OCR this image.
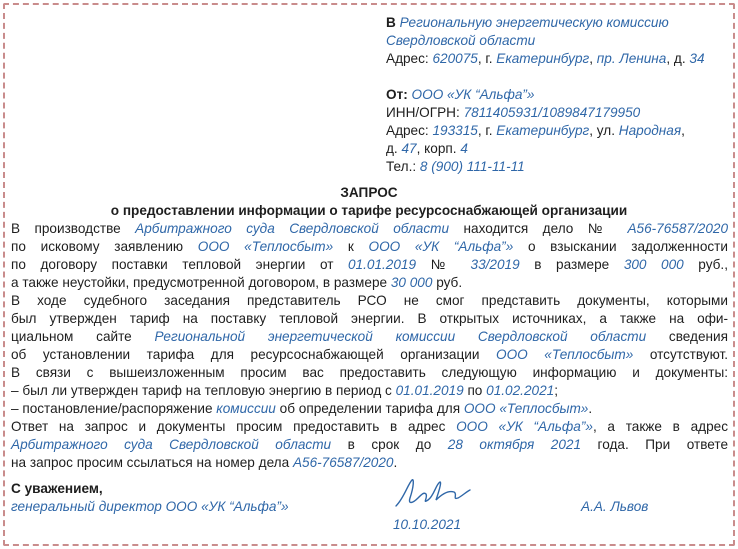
В Региональную энергетическую комиссию
Свердловской области
Адрес: 620075, г. Екатеринбург, пр. Ленина, д. 34
От: ООО «УК “Альфа”»
ИНН/ОГРН: 7811405931/1089847179950
Адрес: 193315, г. Екатеринбург, ул. Народная,
д. 47, корп. 4
Тел.: 8 (900) 111-11-11
ЗАПРОС
о предоставлении информации о тарифе ресурсоснабжающей организации
В производстве Арбитражного суда Свердловской области находится дело № А56-76587/2020
по исковому заявлению ООО «Теплосбыт» к ООО «УК “Альфа”» о взыскании задолженности
по договору поставки тепловой энергии от 01.01.2019 № 33/2019 в размере 300 000 руб.,
а также неустойки, предусмотренной договором, в размере 30 000 руб.
В ходе судебного заседания представитель РСО не смог представить документы, которыми
был утвержден тариф на поставку тепловой энергии. В открытых источниках, а также на офи-
циальном сайте Региональной энергетической комиссии Свердловской области сведения
об установлении тарифа для ресурсоснабжающей организации ООО «Теплосбыт» отсутствуют.
В связи с вышеизложенным просим вас предоставить следующую информацию и документы:
– был ли утвержден тариф на тепловую энергию в период с 01.01.2019 по 01.02.2021;
– постановление/распоряжение комиссии об определении тарифа для ООО «Теплосбыт».
Ответ на запрос и документы просим предоставить в адрес ООО «УК “Альфа”», а также в адрес
Арбитражного суда Свердловской области в срок до 28 октября 2021 года. При ответе
на запрос просим ссылаться на номер дела А56-76587/2020.
С уважением,
генеральный директор ООО «УК “Альфа”»	А.А. Львов
10.10.2021
